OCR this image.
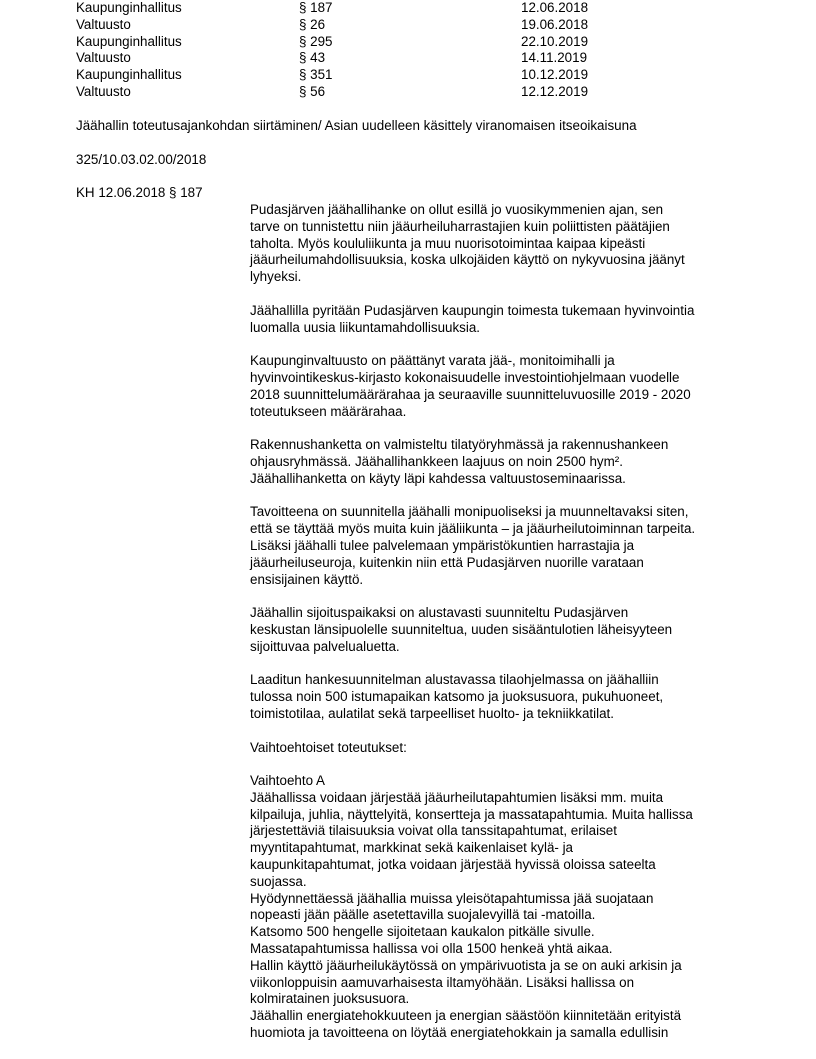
Kaupunginhallitus	§ 187	12.06.2018
Valtuusto	§ 26	19.06.2018
Kaupunginhallitus	§ 295	22.10.2019
Valtuusto	§ 43	14.11.2019
Kaupunginhallitus	§ 351	10.12.2019
Valtuusto	§ 56	12.12.2019
Jäähallin toteutusajankohdan siirtäminen/ Asian uudelleen käsittely viranomaisen itseoikaisuna
325/10.03.02.00/2018
KH 12.06.2018 § 187
Pudasjärven jäähallihanke on ollut esillä jo vuosikymmenien ajan, sen
tarve on tunnistettu niin jääurheiluharrastajien kuin poliittisten päätäjien
taholta. Myös koululiikunta ja muu nuorisotoimintaa kaipaa kipeästi
jääurheilumahdollisuuksia, koska ulkojäiden käyttö on nykyvuosina jäänyt
lyhyeksi.
Jäähallilla pyritään Pudasjärven kaupungin toimesta tukemaan hyvinvointia
luomalla uusia liikuntamahdollisuuksia.
Kaupunginvaltuusto on päättänyt varata jää-, monitoimihalli ja
hyvinvointikeskus-kirjasto kokonaisuudelle investointiohjelmaan vuodelle
2018 suunnittelumäärärahaa ja seuraaville suunnitteluvuosille 2019 - 2020
toteutukseen määrärahaa.
Rakennushanketta on valmisteltu tilatyöryhmässä ja rakennushankeen
ohjausryhmässä. Jäähallihankkeen laajuus on noin 2500 hym².
Jäähallihanketta on käyty läpi kahdessa valtuustoseminaarissa.
Tavoitteena on suunnitella jäähalli monipuoliseksi ja muunneltavaksi siten,
että se täyttää myös muita kuin jääliikunta – ja jääurheilutoiminnan tarpeita.
Lisäksi jäähalli tulee palvelemaan ympäristökuntien harrastajia ja
jääurheiluseuroja, kuitenkin niin että Pudasjärven nuorille varataan
ensisijainen käyttö.
Jäähallin sijoituspaikaksi on alustavasti suunniteltu Pudasjärven
keskustan länsipuolelle suunniteltua, uuden sisääntulotien läheisyyteen
sijoittuvaa palvelualuetta.
Laaditun hankesuunnitelman alustavassa tilaohjelmassa on jäähalliin
tulossa noin 500 istumapaikan katsomo ja juoksusuora, pukuhuoneet,
toimistotilaa, aulatilat sekä tarpeelliset huolto- ja tekniikkatilat.
Vaihtoehtoiset toteutukset:
Vaihtoehto A
Jäähallissa voidaan järjestää jääurheilutapahtumien lisäksi mm. muita
kilpailuja, juhlia, näyttelyitä, konsertteja ja massatapahtumia. Muita hallissa
järjestettäviä tilaisuuksia voivat olla tanssitapahtumat, erilaiset
myyntitapahtumat, markkinat sekä kaikenlaiset kylä- ja
kaupunkitapahtumat, jotka voidaan järjestää hyvissä oloissa sateelta
suojassa.
Hyödynnettäessä jäähallia muissa yleisötapahtumissa jää suojataan
nopeasti jään päälle asetettavilla suojalevyillä tai -matoilla.
Katsomo 500 hengelle sijoitetaan kaukalon pitkälle sivulle.
Massatapahtumissa hallissa voi olla 1500 henkeä yhtä aikaa.
Hallin käyttö jääurheilukäytössä on ympärivuotista ja se on auki arkisin ja
viikonloppuisin aamuvarhaisesta iltamyöhään. Lisäksi hallissa on
kolmiratainen juoksusuora.
Jäähallin energiatehokkuuteen ja energian säästöön kiinnitetään erityistä
huomiota ja tavoitteena on löytää energiatehokkain ja samalla edullisin
